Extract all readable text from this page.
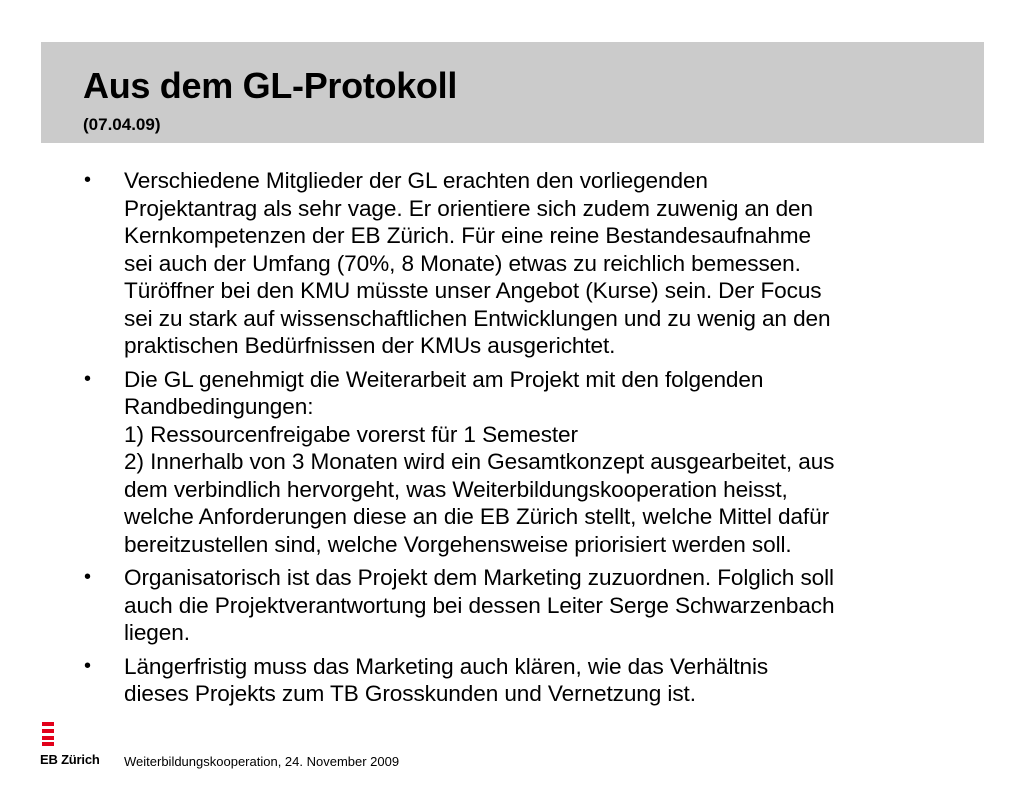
Aus dem GL-Protokoll
(07.04.09)
• Verschiedene Mitglieder der GL erachten den vorliegenden
Projektantrag als sehr vage. Er orientiere sich zudem zuwenig an den
Kernkompetenzen der EB Zürich. Für eine reine Bestandesaufnahme
sei auch der Umfang (70%, 8 Monate) etwas zu reichlich bemessen.
Türöffner bei den KMU müsste unser Angebot (Kurse) sein. Der Focus
sei zu stark auf wissenschaftlichen Entwicklungen und zu wenig an den
praktischen Bedürfnissen der KMUs ausgerichtet.
• Die GL genehmigt die Weiterarbeit am Projekt mit den folgenden
Randbedingungen:
1) Ressourcenfreigabe vorerst für 1 Semester
2) Innerhalb von 3 Monaten wird ein Gesamtkonzept ausgearbeitet, aus
dem verbindlich hervorgeht, was Weiterbildungskooperation heisst,
welche Anforderungen diese an die EB Zürich stellt, welche Mittel dafür
bereitzustellen sind, welche Vorgehensweise priorisiert werden soll.
• Organisatorisch ist das Projekt dem Marketing zuzuordnen. Folglich soll
auch die Projektverantwortung bei dessen Leiter Serge Schwarzenbach
liegen.
• Längerfristig muss das Marketing auch klären, wie das Verhältnis
dieses Projekts zum TB Grosskunden und Vernetzung ist.
EB Zürich Weiterbildungskooperation, 24. November 2009
